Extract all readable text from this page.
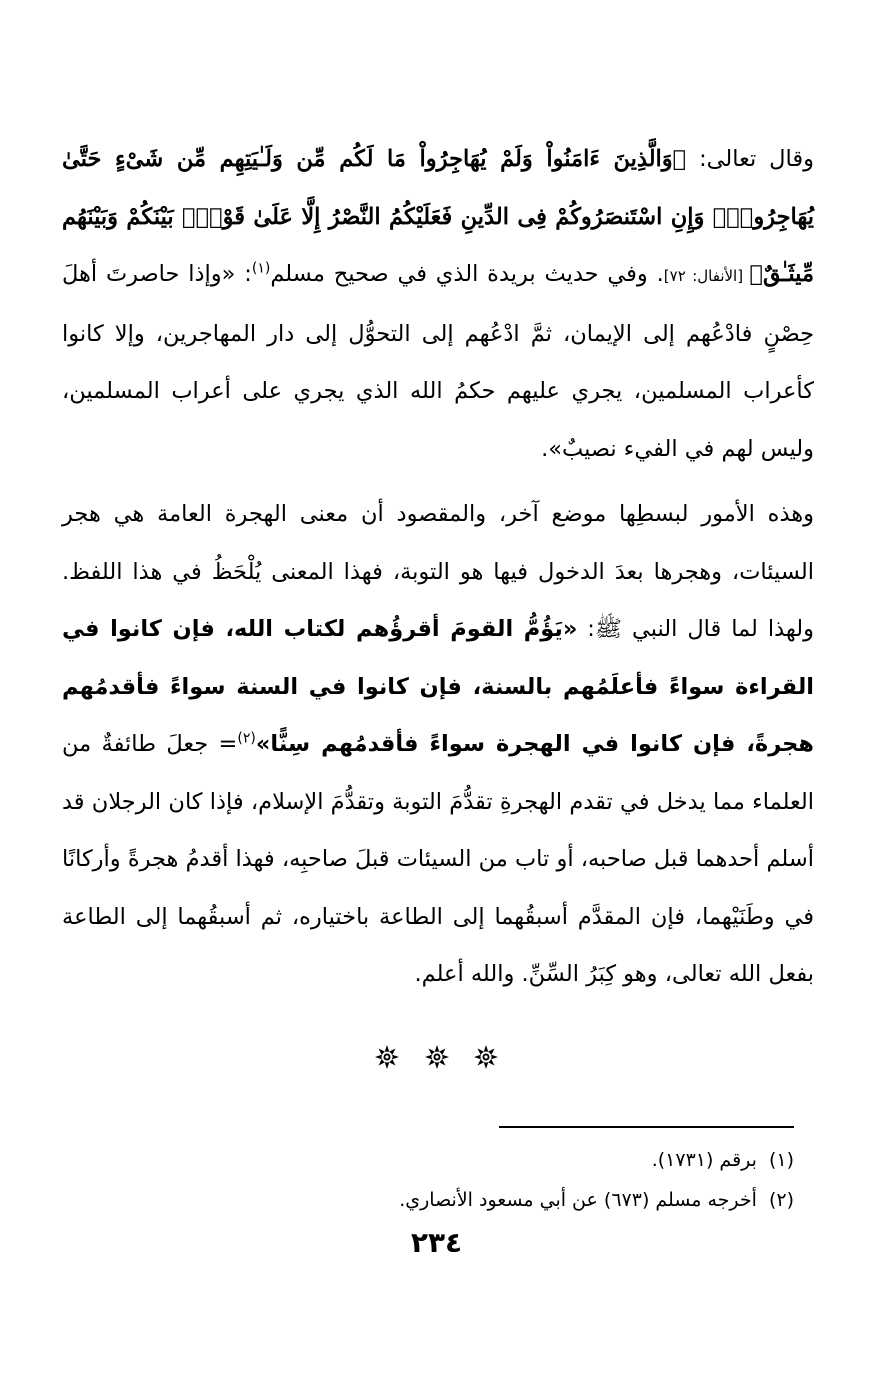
وقال تعالى: ﴿وَالَّذِينَ ءَامَنُواْ وَلَمْ يُهَاجِرُواْ مَا لَكُم مِّن وَلَـٰيَتِهِم مِّن شَىْءٍ حَتَّىٰ يُهَاجِرُواْۚ وَإِنِ اسْتَنصَرُوكُمْ فِى الدِّينِ فَعَلَيْكُمُ النَّصْرُ إِلَّا عَلَىٰ قَوْمٍۢ بَيْنَكُمْ وَبَيْنَهُم مِّيثَـٰقٌ﴾ [الأنفال: ٧٢]. وفي حديث بريدة الذي في صحيح مسلم$^{(١)}$: «وإذا حاصرتَ أهلَ حِصْنٍ فادْعُهم إلى الإيمان، ثمَّ ادْعُهم إلى التحوُّل إلى دار المهاجرين، وإلا كانوا كأعراب المسلمين، يجري عليهم حكمُ الله الذي يجري على أعراب المسلمين، وليس لهم في الفيء نصيبٌ».

وهذه الأمور لبسطِها موضع آخر، والمقصود أن معنى الهجرة العامة هي هجر السيئات، وهجرها بعدَ الدخول فيها هو التوبة، فهذا المعنى يُلْحَظُ في هذا اللفظ. ولهذا لما قال النبي ﷺ: «يَؤُمُّ القومَ أقرؤُهم لكتاب الله، فإن كانوا في القراءة سواءً فأعلَمُهم بالسنة، فإن كانوا في السنة سواءً فأقدمُهم هجرةً، فإن كانوا في الهجرة سواءً فأقدمُهم سِنًّا»$^{(٢)}$= جعلَ طائفةٌ من العلماء مما يدخل في تقدم الهجرةِ تقدُّمَ التوبة وتقدُّمَ الإسلام، فإذا كان الرجلان قد أسلم أحدهما قبل صاحبه، أو تاب من السيئات قبلَ صاحبِه، فهذا أقدمُ هجرةً وأركانًا في وطَنَيْهما، فإن المقدَّم أسبقُهما إلى الطاعة باختياره، ثم أسبقُهما إلى الطاعة بفعل الله تعالى، وهو كِبَرُ السِّنِّ. والله أعلم.

(١)برقم (١٧٣١).

(٢)أخرجه مسلم (٦٧٣) عن أبي مسعود الأنصاري.

٢٣٤
